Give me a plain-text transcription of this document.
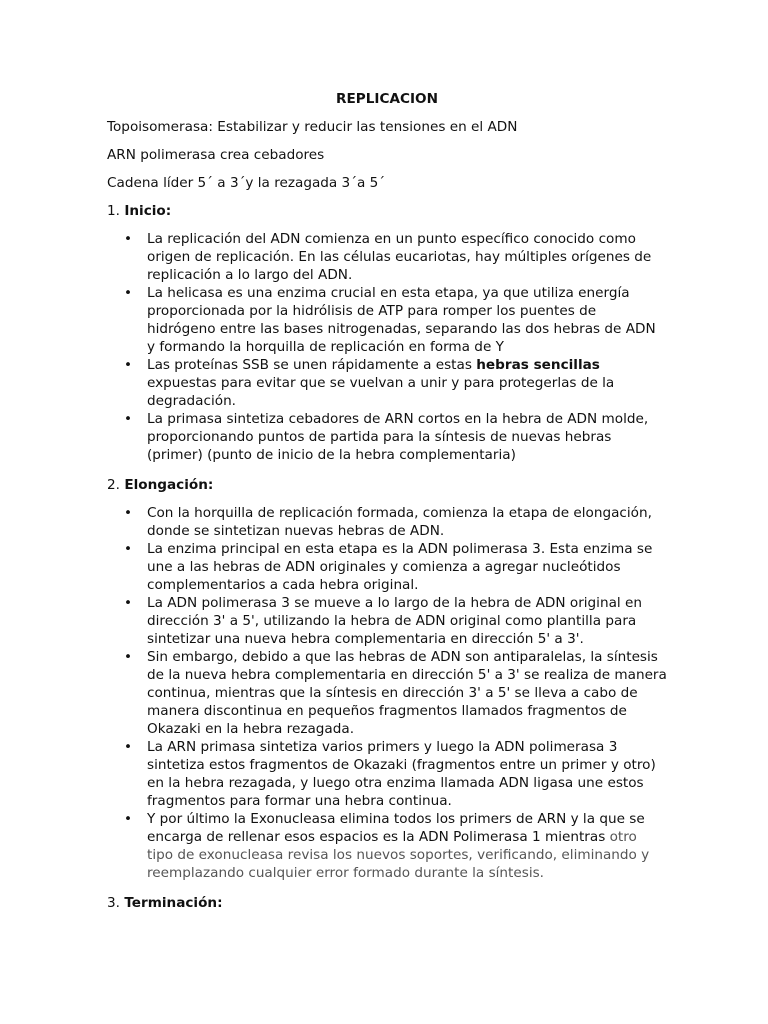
REPLICACION
Topoisomerasa: Estabilizar y reducir las tensiones en el ADN
ARN polimerasa crea cebadores
Cadena líder 5´ a 3´y la rezagada 3´a 5´
1. Inicio:
• La replicación del ADN comienza en un punto específico conocido como origen de replicación. En las células eucariotas, hay múltiples orígenes de replicación a lo largo del ADN.
• La helicasa es una enzima crucial en esta etapa, ya que utiliza energía proporcionada por la hidrólisis de ATP para romper los puentes de hidrógeno entre las bases nitrogenadas, separando las dos hebras de ADN y formando la horquilla de replicación en forma de Y
• Las proteínas SSB se unen rápidamente a estas hebras sencillas expuestas para evitar que se vuelvan a unir y para protegerlas de la degradación.
• La primasa sintetiza cebadores de ARN cortos en la hebra de ADN molde, proporcionando puntos de partida para la síntesis de nuevas hebras (primer) (punto de inicio de la hebra complementaria)
2. Elongación:
• Con la horquilla de replicación formada, comienza la etapa de elongación, donde se sintetizan nuevas hebras de ADN.
• La enzima principal en esta etapa es la ADN polimerasa 3. Esta enzima se une a las hebras de ADN originales y comienza a agregar nucleótidos complementarios a cada hebra original.
• La ADN polimerasa 3 se mueve a lo largo de la hebra de ADN original en dirección 3' a 5', utilizando la hebra de ADN original como plantilla para sintetizar una nueva hebra complementaria en dirección 5' a 3'.
• Sin embargo, debido a que las hebras de ADN son antiparalelas, la síntesis de la nueva hebra complementaria en dirección 5' a 3' se realiza de manera continua, mientras que la síntesis en dirección 3' a 5' se lleva a cabo de manera discontinua en pequeños fragmentos llamados fragmentos de Okazaki en la hebra rezagada.
• La ARN primasa sintetiza varios primers y luego la ADN polimerasa 3 sintetiza estos fragmentos de Okazaki (fragmentos entre un primer y otro) en la hebra rezagada, y luego otra enzima llamada ADN ligasa une estos fragmentos para formar una hebra continua.
• Y por último la Exonucleasa elimina todos los primers de ARN y la que se encarga de rellenar esos espacios es la ADN Polimerasa 1 mientras otro tipo de exonucleasa revisa los nuevos soportes, verificando, eliminando y reemplazando cualquier error formado durante la síntesis.
3. Terminación:
